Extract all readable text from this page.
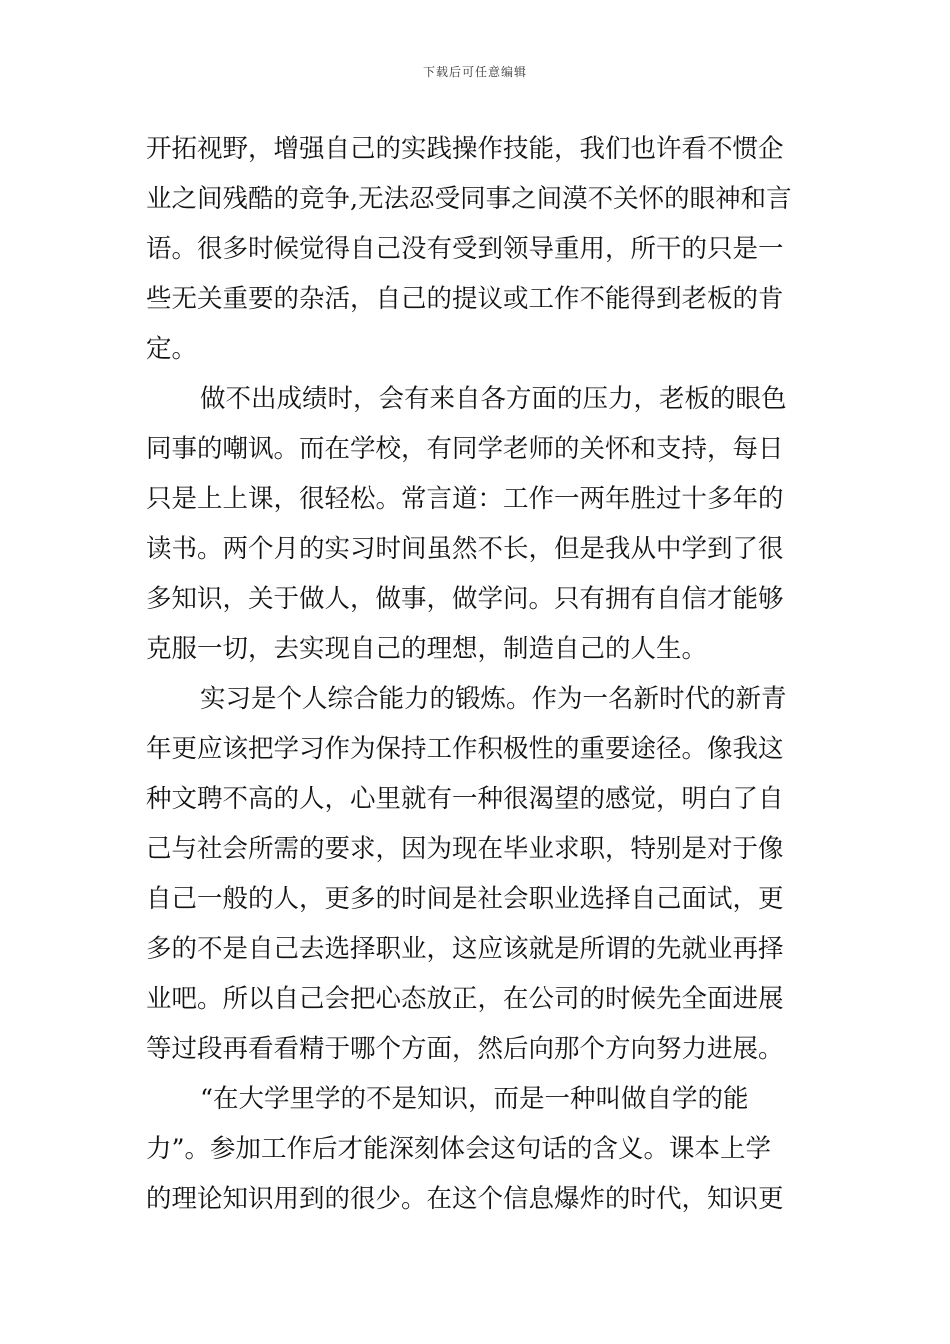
下载后可任意编辑
开拓视野，增强自己的实践操作技能，我们也许看不惯企
业之间残酷的竞争,无法忍受同事之间漠不关怀的眼神和言
语。很多时候觉得自己没有受到领导重用，所干的只是一
些无关重要的杂活，自己的提议或工作不能得到老板的肯
定。
做不出成绩时，会有来自各方面的压力，老板的眼色
同事的嘲讽。而在学校，有同学老师的关怀和支持，每日
只是上上课，很轻松。常言道：工作一两年胜过十多年的
读书。两个月的实习时间虽然不长，但是我从中学到了很
多知识，关于做人，做事，做学问。只有拥有自信才能够
克服一切，去实现自己的理想，制造自己的人生。
实习是个人综合能力的锻炼。作为一名新时代的新青
年更应该把学习作为保持工作积极性的重要途径。像我这
种文聘不高的人，心里就有一种很渴望的感觉，明白了自
己与社会所需的要求，因为现在毕业求职，特别是对于像
自己一般的人，更多的时间是社会职业选择自己面试，更
多的不是自己去选择职业，这应该就是所谓的先就业再择
业吧。所以自己会把心态放正，在公司的时候先全面进展
等过段再看看精于哪个方面，然后向那个方向努力进展。
“在大学里学的不是知识，而是一种叫做自学的能
力”。参加工作后才能深刻体会这句话的含义。课本上学
的理论知识用到的很少。在这个信息爆炸的时代，知识更
